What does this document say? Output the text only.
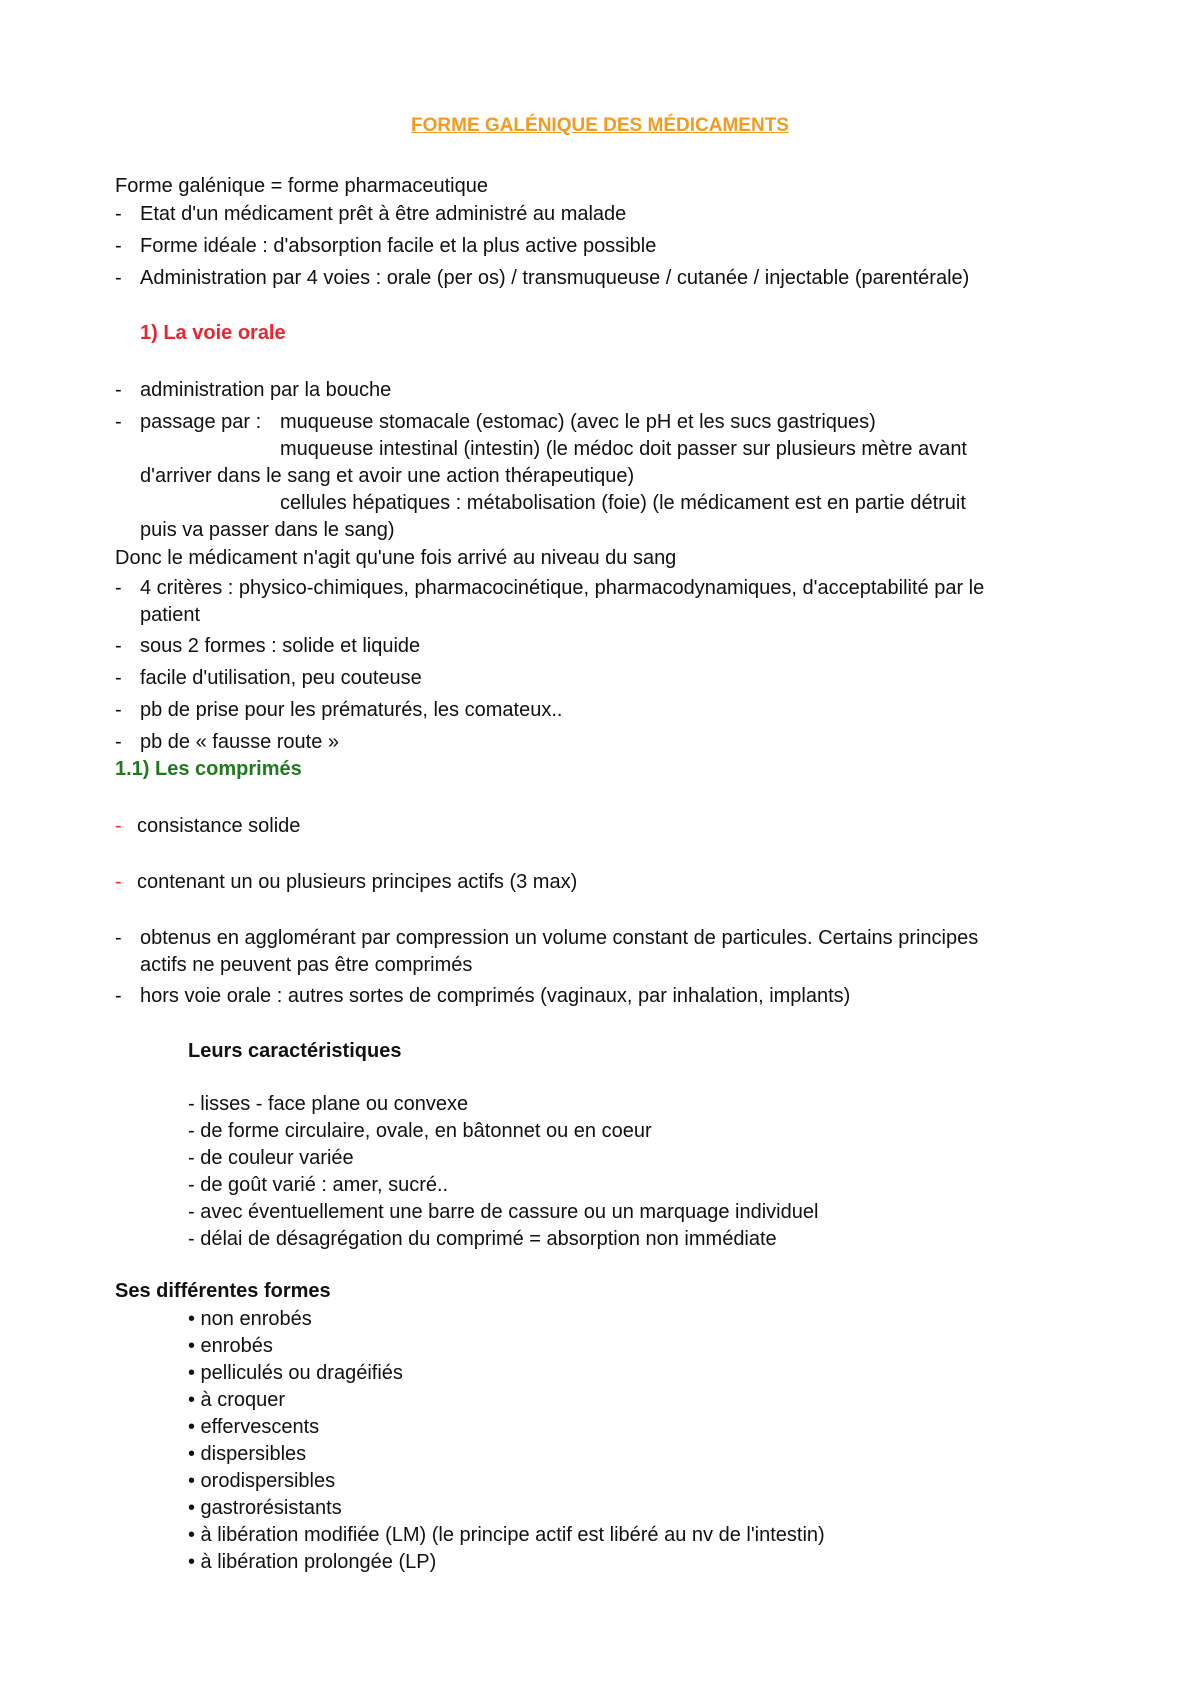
FORME GALÉNIQUE DES MÉDICAMENTS
Forme galénique = forme pharmaceutique
- Etat d'un médicament prêt à être administré au malade
- Forme idéale : d'absorption facile et la plus active possible
- Administration par 4 voies : orale (per os) / transmuqueuse / cutanée / injectable (parentérale)
1) La voie orale
- administration par la bouche
- passage par : muqueuse stomacale (estomac) (avec le pH et les sucs gastriques)
muqueuse intestinal (intestin) (le médoc doit passer sur plusieurs mètre avant
d'arriver dans le sang et avoir une action thérapeutique)
cellules hépatiques : métabolisation (foie) (le médicament est en partie détruit
puis va passer dans le sang)
Donc le médicament n'agit qu'une fois arrivé au niveau du sang
- 4 critères : physico-chimiques, pharmacocinétique, pharmacodynamiques, d'acceptabilité par le
patient
- sous 2 formes : solide et liquide
- facile d'utilisation, peu couteuse
- pb de prise pour les prématurés, les comateux..
- pb de « fausse route »
1.1) Les comprimés
- consistance solide
- contenant un ou plusieurs principes actifs (3 max)
- obtenus en agglomérant par compression un volume constant de particules. Certains principes
actifs ne peuvent pas être comprimés
- hors voie orale : autres sortes de comprimés (vaginaux, par inhalation, implants)
Leurs caractéristiques
- lisses - face plane ou convexe
- de forme circulaire, ovale, en bâtonnet ou en coeur
- de couleur variée
- de goût varié : amer, sucré..
- avec éventuellement une barre de cassure ou un marquage individuel
- délai de désagrégation du comprimé = absorption non immédiate
Ses différentes formes
• non enrobés
• enrobés
• pelliculés ou dragéifiés
• à croquer
• effervescents
• dispersibles
• orodispersibles
• gastrorésistants
• à libération modifiée (LM) (le principe actif est libéré au nv de l'intestin)
• à libération prolongée (LP)
